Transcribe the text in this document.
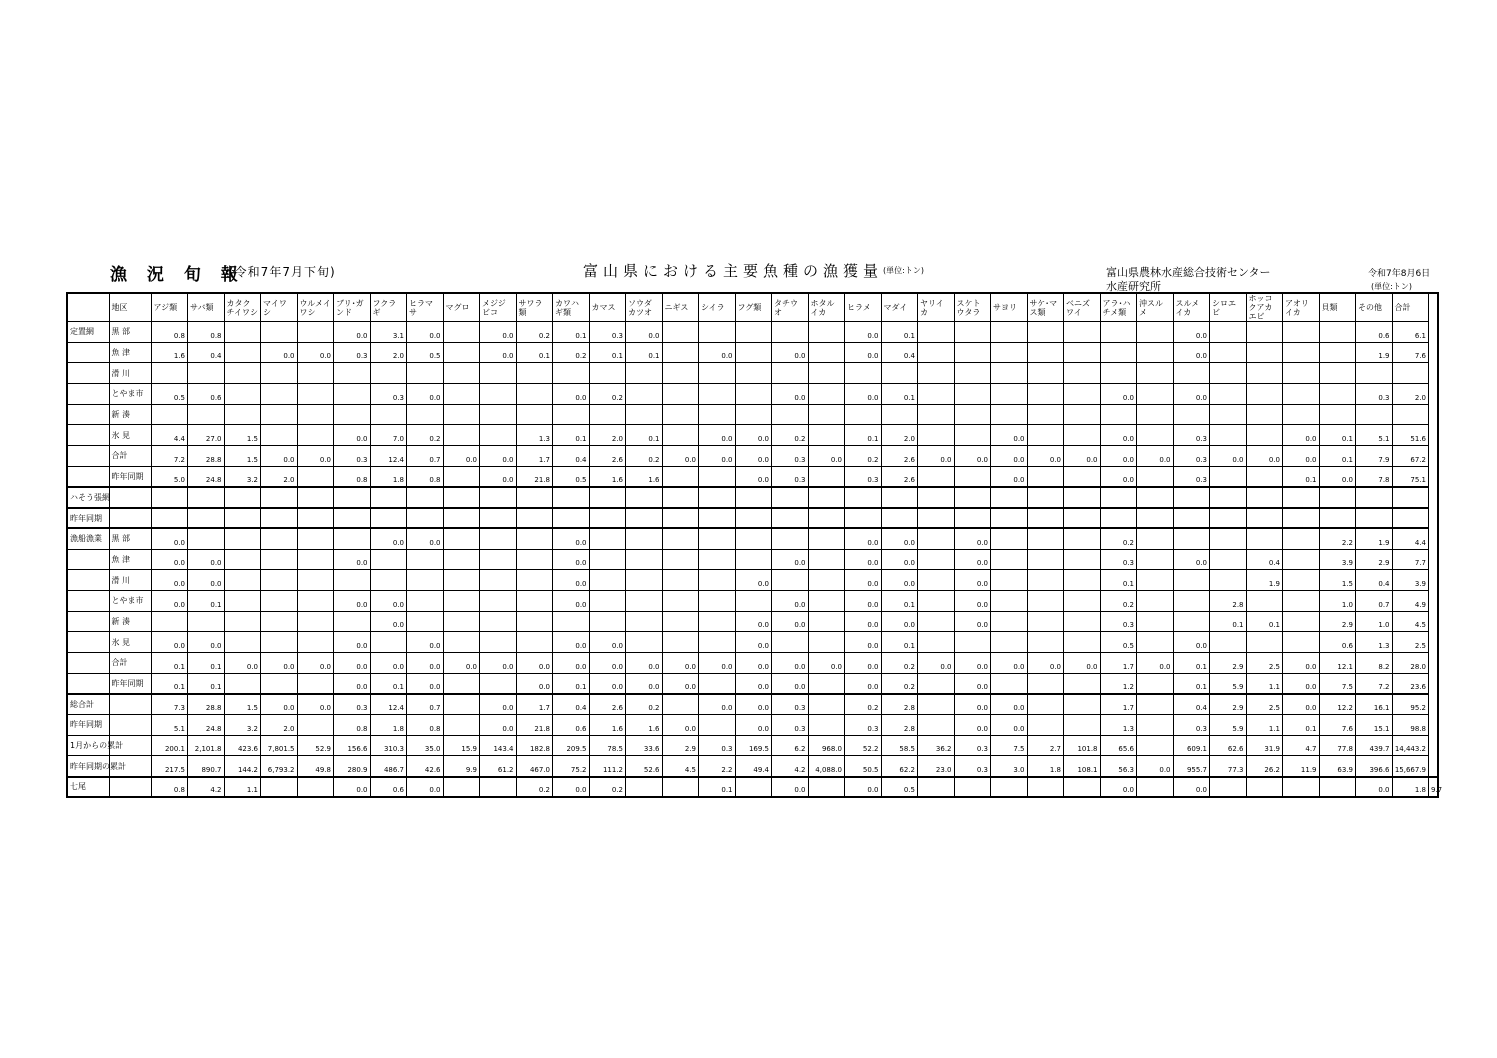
漁 況 旬 報
(令和7年7月下旬)	富山県における主要魚種の漁獲量 (単位:トン)	富山県農林水産総合技術センター
水産研究所
令和7年8月6日
(単位:トン)
	地区	アジ類	サバ類	カタクチイワシ	マイワシ	ウルメイワシ	ブリ･ガンド	フクラギ	ヒラマサ	マグロ	メジジビコ	サワラ類	カワハギ類	カマス	ソウダカツオ	ニギス	シイラ	フグ類	タチウオ	ホタルイカ	ヒラメ	マダイ	ヤリイカ	スケトウタラ	サヨリ	サケ･マス類	ベニズワイ	アラ･ハチメ類	沖スルメ	スルメイカ	シロエビ	ホッコクアカエビ	アオリイカ	貝類	その他	合計	
定置網	黒 部	0.8	0.8				0.0	3.1	0.0		0.0	0.2	0.1	0.3	0.0						0.0	0.1								0.0					0.6	6.1	
	魚 津	1.6	0.4		0.0	0.0	0.3	2.0	0.5		0.0	0.1	0.2	0.1	0.1		0.0		0.0		0.0	0.4								0.0					1.9	7.6	
	滑 川																																				
	とやま市	0.5	0.6					0.3	0.0				0.0	0.2					0.0		0.0	0.1						0.0		0.0					0.3	2.0	
	新 湊																																				
	氷 見	4.4	27.0	1.5			0.0	7.0	0.2			1.3	0.1	2.0	0.1		0.0	0.0	0.2		0.1	2.0			0.0			0.0		0.3			0.0	0.1	5.1	51.6	
	合計	7.2	28.8	1.5	0.0	0.0	0.3	12.4	0.7	0.0	0.0	1.7	0.4	2.6	0.2	0.0	0.0	0.0	0.3	0.0	0.2	2.6	0.0	0.0	0.0	0.0	0.0	0.0	0.0	0.3	0.0	0.0	0.0	0.1	7.9	67.2	
	昨年同期	5.0	24.8	3.2	2.0		0.8	1.8	0.8		0.0	21.8	0.5	1.6	1.6			0.0	0.3		0.3	2.6			0.0			0.0		0.3			0.1	0.0	7.8	75.1	
ハそう張網																																					
昨年同期																																					
漁船漁業	黒 部	0.0						0.0	0.0				0.0								0.0	0.0		0.0				0.2						2.2	1.9	4.4	
	魚 津	0.0	0.0				0.0						0.0						0.0		0.0	0.0		0.0				0.3		0.0		0.4		3.9	2.9	7.7	
	滑 川	0.0	0.0										0.0					0.0			0.0	0.0		0.0				0.1				1.9		1.5	0.4	3.9	
	とやま市	0.0	0.1				0.0	0.0					0.0						0.0		0.0	0.1		0.0				0.2			2.8			1.0	0.7	4.9	
	新 湊							0.0										0.0	0.0		0.0	0.0		0.0				0.3			0.1	0.1		2.9	1.0	4.5	
	氷 見	0.0	0.0				0.0		0.0				0.0	0.0				0.0			0.0	0.1						0.5		0.0				0.6	1.3	2.5	
	合計	0.1	0.1	0.0	0.0	0.0	0.0	0.0	0.0	0.0	0.0	0.0	0.0	0.0	0.0	0.0	0.0	0.0	0.0	0.0	0.0	0.2	0.0	0.0	0.0	0.0	0.0	1.7	0.0	0.1	2.9	2.5	0.0	12.1	8.2	28.0	
	昨年同期	0.1	0.1				0.0	0.1	0.0			0.0	0.1	0.0	0.0	0.0		0.0	0.0		0.0	0.2		0.0				1.2		0.1	5.9	1.1	0.0	7.5	7.2	23.6	
総合計		7.3	28.8	1.5	0.0	0.0	0.3	12.4	0.7		0.0	1.7	0.4	2.6	0.2		0.0	0.0	0.3		0.2	2.8		0.0	0.0			1.7		0.4	2.9	2.5	0.0	12.2	16.1	95.2	
昨年同期		5.1	24.8	3.2	2.0		0.8	1.8	0.8		0.0	21.8	0.6	1.6	1.6	0.0		0.0	0.3		0.3	2.8		0.0	0.0			1.3		0.3	5.9	1.1	0.1	7.6	15.1	98.8	
1月からの累計		200.1	2,101.8	423.6	7,801.5	52.9	156.6	310.3	35.0	15.9	143.4	182.8	209.5	78.5	33.6	2.9	0.3	169.5	6.2	968.0	52.2	58.5	36.2	0.3	7.5	2.7	101.8	65.6		609.1	62.6	31.9	4.7	77.8	439.7	14,443.2	
昨年同期の累計		217.5	890.7	144.2	6,793.2	49.8	280.9	486.7	42.6	9.9	61.2	467.0	75.2	111.2	52.6	4.5	2.2	49.4	4.2	4,088.0	50.5	62.2	23.0	0.3	3.0	1.8	108.1	56.3	0.0	955.7	77.3	26.2	11.9	63.9	396.6	15,667.9	
七尾		0.8	4.2	1.1			0.0	0.6	0.0			0.2	0.0	0.2			0.1		0.0		0.0	0.5						0.0		0.0					0.0	1.8	9.7
